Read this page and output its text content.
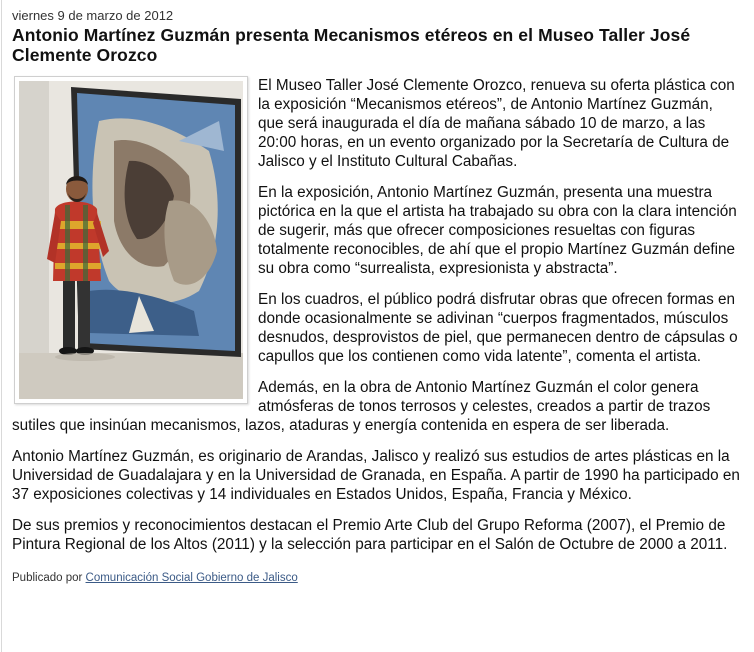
viernes 9 de marzo de 2012
Antonio Martínez Guzmán presenta Mecanismos etéreos en el Museo Taller José Clemente Orozco

El Museo Taller José Clemente Orozco, renueva su oferta plástica con la exposición “Mecanismos etéreos”, de Antonio Martínez Guzmán, que será inaugurada el día de mañana sábado 10 de marzo, a las 20:00 horas, en un evento organizado por la Secretaría de Cultura de Jalisco y el Instituto Cultural Cabañas.

En la exposición, Antonio Martínez Guzmán, presenta una muestra pictórica en la que el artista ha trabajado su obra con la clara intención de sugerir, más que ofrecer composiciones resueltas con figuras totalmente reconocibles, de ahí que el propio Martínez Guzmán define su obra como “surrealista, expresionista y abstracta”.

En los cuadros, el público podrá disfrutar obras que ofrecen formas en donde ocasionalmente se adivinan “cuerpos fragmentados, músculos desnudos, desprovistos de piel, que permanecen dentro de cápsulas o capullos que los contienen como vida latente”, comenta el artista.

Además, en la obra de Antonio Martínez Guzmán el color genera atmósferas de tonos terrosos y celestes, creados a partir de trazos sutiles que insinúan mecanismos, lazos, ataduras y energía contenida en espera de ser liberada.

Antonio Martínez Guzmán, es originario de Arandas, Jalisco y realizó sus estudios de artes plásticas en la Universidad de Guadalajara y en la Universidad de Granada, en España. A partir de 1990 ha participado en 37 exposiciones colectivas y 14 individuales en Estados Unidos, España, Francia y México.

De sus premios y reconocimientos destacan el Premio Arte Club del Grupo Reforma (2007), el Premio de Pintura Regional de los Altos (2011) y la selección para participar en el Salón de Octubre de 2000 a 2011.

Publicado por Comunicación Social Gobierno de Jalisco
